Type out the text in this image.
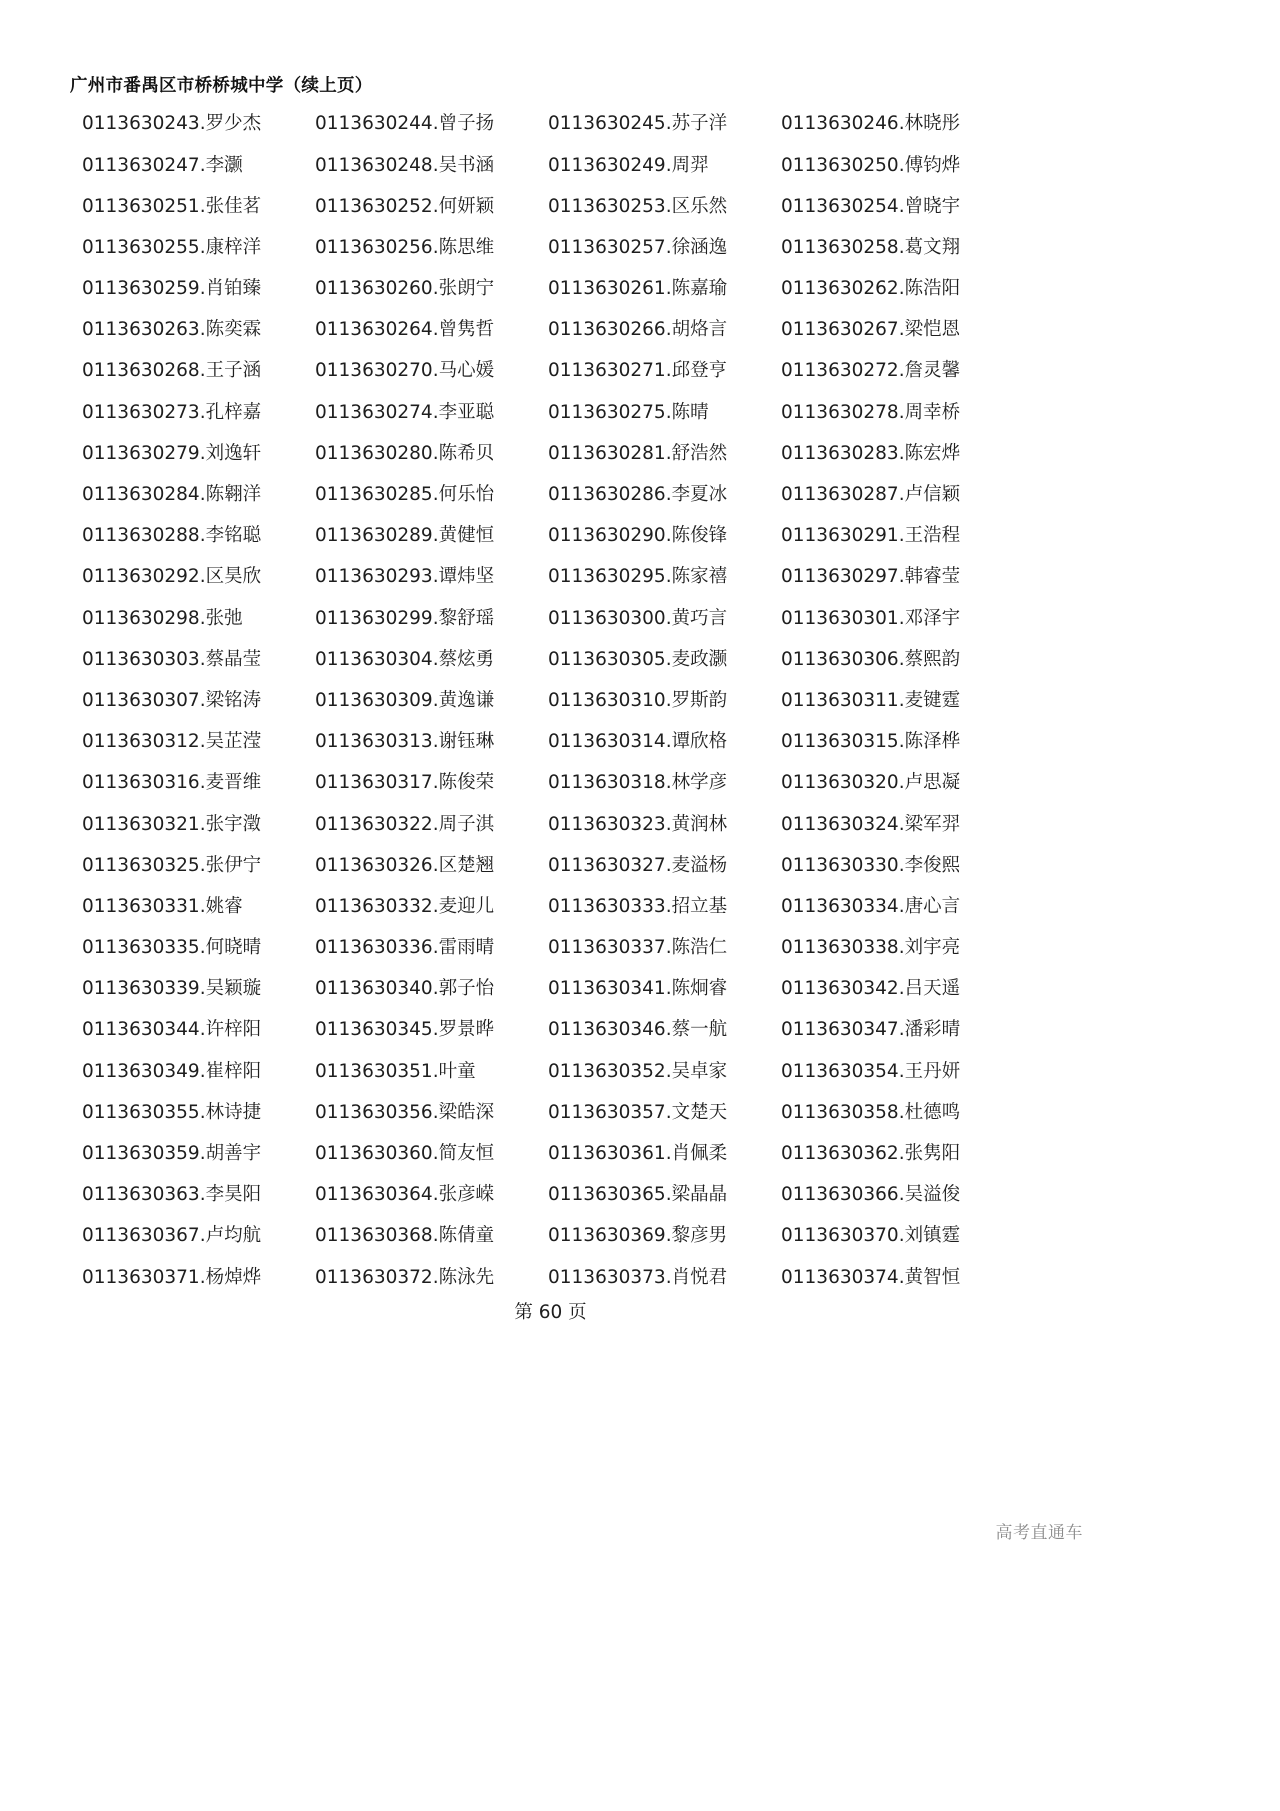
广州市番禺区市桥桥城中学（续上页）
0113630243.罗少杰	0113630244.曾子扬	0113630245.苏子洋	0113630246.林晓彤
0113630247.李灏	0113630248.吴书涵	0113630249.周羿	0113630250.傅钧烨
0113630251.张佳茗	0113630252.何妍颖	0113630253.区乐然	0113630254.曾晓宇
0113630255.康梓洋	0113630256.陈思维	0113630257.徐涵逸	0113630258.葛文翔
0113630259.肖铂臻	0113630260.张朗宁	0113630261.陈嘉瑜	0113630262.陈浩阳
0113630263.陈奕霖	0113630264.曾隽哲	0113630266.胡烙言	0113630267.梁恺恩
0113630268.王子涵	0113630270.马心媛	0113630271.邱登亨	0113630272.詹灵馨
0113630273.孔梓嘉	0113630274.李亚聪	0113630275.陈晴	0113630278.周幸桥
0113630279.刘逸轩	0113630280.陈希贝	0113630281.舒浩然	0113630283.陈宏烨
0113630284.陈翱洋	0113630285.何乐怡	0113630286.李夏冰	0113630287.卢信颖
0113630288.李铭聪	0113630289.黄健恒	0113630290.陈俊锋	0113630291.王浩程
0113630292.区昊欣	0113630293.谭炜坚	0113630295.陈家禧	0113630297.韩睿莹
0113630298.张弛	0113630299.黎舒瑶	0113630300.黄巧言	0113630301.邓泽宇
0113630303.蔡晶莹	0113630304.蔡炫勇	0113630305.麦政灏	0113630306.蔡熙韵
0113630307.梁铭涛	0113630309.黄逸谦	0113630310.罗斯韵	0113630311.麦键霆
0113630312.吴芷滢	0113630313.谢钰琳	0113630314.谭欣格	0113630315.陈泽桦
0113630316.麦晋维	0113630317.陈俊荣	0113630318.林学彦	0113630320.卢思凝
0113630321.张宇澂	0113630322.周子淇	0113630323.黄润林	0113630324.梁军羿
0113630325.张伊宁	0113630326.区楚翘	0113630327.麦溢杨	0113630330.李俊熙
0113630331.姚睿	0113630332.麦迎儿	0113630333.招立基	0113630334.唐心言
0113630335.何晓晴	0113630336.雷雨晴	0113630337.陈浩仁	0113630338.刘宇亮
0113630339.吴颖璇	0113630340.郭子怡	0113630341.陈炯睿	0113630342.吕天遥
0113630344.许梓阳	0113630345.罗景晔	0113630346.蔡一航	0113630347.潘彩晴
0113630349.崔梓阳	0113630351.叶童	0113630352.吴卓家	0113630354.王丹妍
0113630355.林诗捷	0113630356.梁皓深	0113630357.文楚天	0113630358.杜德鸣
0113630359.胡善宇	0113630360.简友恒	0113630361.肖佩柔	0113630362.张隽阳
0113630363.李昊阳	0113630364.张彦嵘	0113630365.梁晶晶	0113630366.吴溢俊
0113630367.卢均航	0113630368.陈倩童	0113630369.黎彦男	0113630370.刘镇霆
0113630371.杨焯烨	0113630372.陈泳先	0113630373.肖悦君	0113630374.黄智恒
第 60 页
高考直通车
